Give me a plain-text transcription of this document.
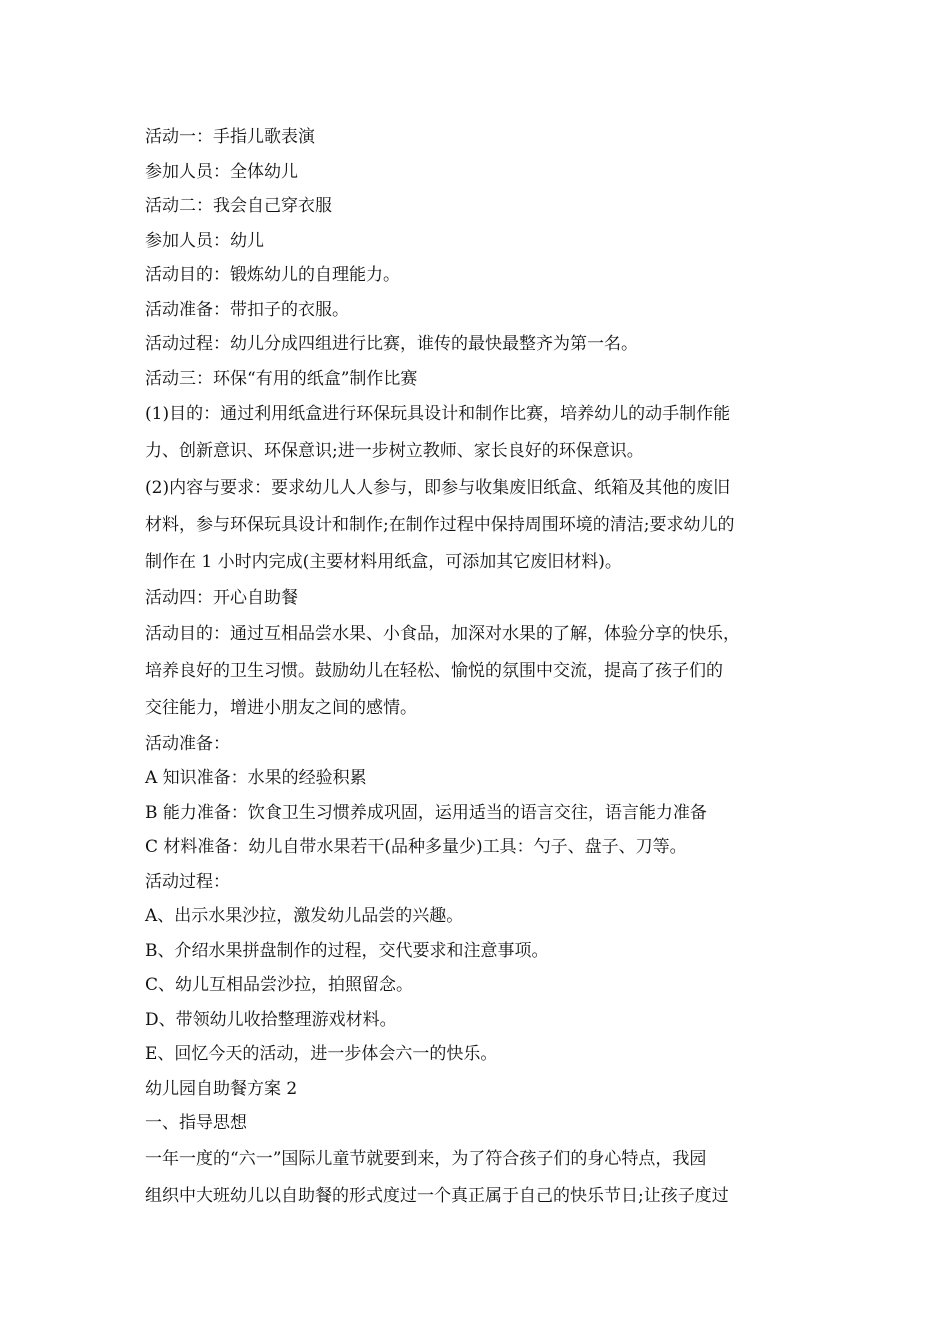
活动一：手指儿歌表演
参加人员：全体幼儿
活动二：我会自己穿衣服
参加人员：幼儿
活动目的：锻炼幼儿的自理能力。
活动准备：带扣子的衣服。
活动过程：幼儿分成四组进行比赛，谁传的最快最整齐为第一名。
活动三：环保“有用的纸盒”制作比赛
(1)目的：通过利用纸盒进行环保玩具设计和制作比赛，培养幼儿的动手制作能
力、创新意识、环保意识;进一步树立教师、家长良好的环保意识。
(2)内容与要求：要求幼儿人人参与，即参与收集废旧纸盒、纸箱及其他的废旧
材料，参与环保玩具设计和制作;在制作过程中保持周围环境的清洁;要求幼儿的
制作在 1 小时内完成(主要材料用纸盒，可添加其它废旧材料)。
活动四：开心自助餐
活动目的：通过互相品尝水果、小食品，加深对水果的了解，体验分享的快乐，
培养良好的卫生习惯。鼓励幼儿在轻松、愉悦的氛围中交流，提高了孩子们的
交往能力，增进小朋友之间的感情。
活动准备：
A 知识准备：水果的经验积累
B 能力准备：饮食卫生习惯养成巩固，运用适当的语言交往，语言能力准备
C 材料准备：幼儿自带水果若干(品种多量少)工具：勺子、盘子、刀等。
活动过程：
A、出示水果沙拉，激发幼儿品尝的兴趣。
B、介绍水果拼盘制作的过程，交代要求和注意事项。
C、幼儿互相品尝沙拉，拍照留念。
D、带领幼儿收拾整理游戏材料。
E、回忆今天的活动，进一步体会六一的快乐。
幼儿园自助餐方案 2
一、指导思想
一年一度的“六一”国际儿童节就要到来，为了符合孩子们的身心特点，我园
组织中大班幼儿以自助餐的形式度过一个真正属于自己的快乐节日;让孩子度过
